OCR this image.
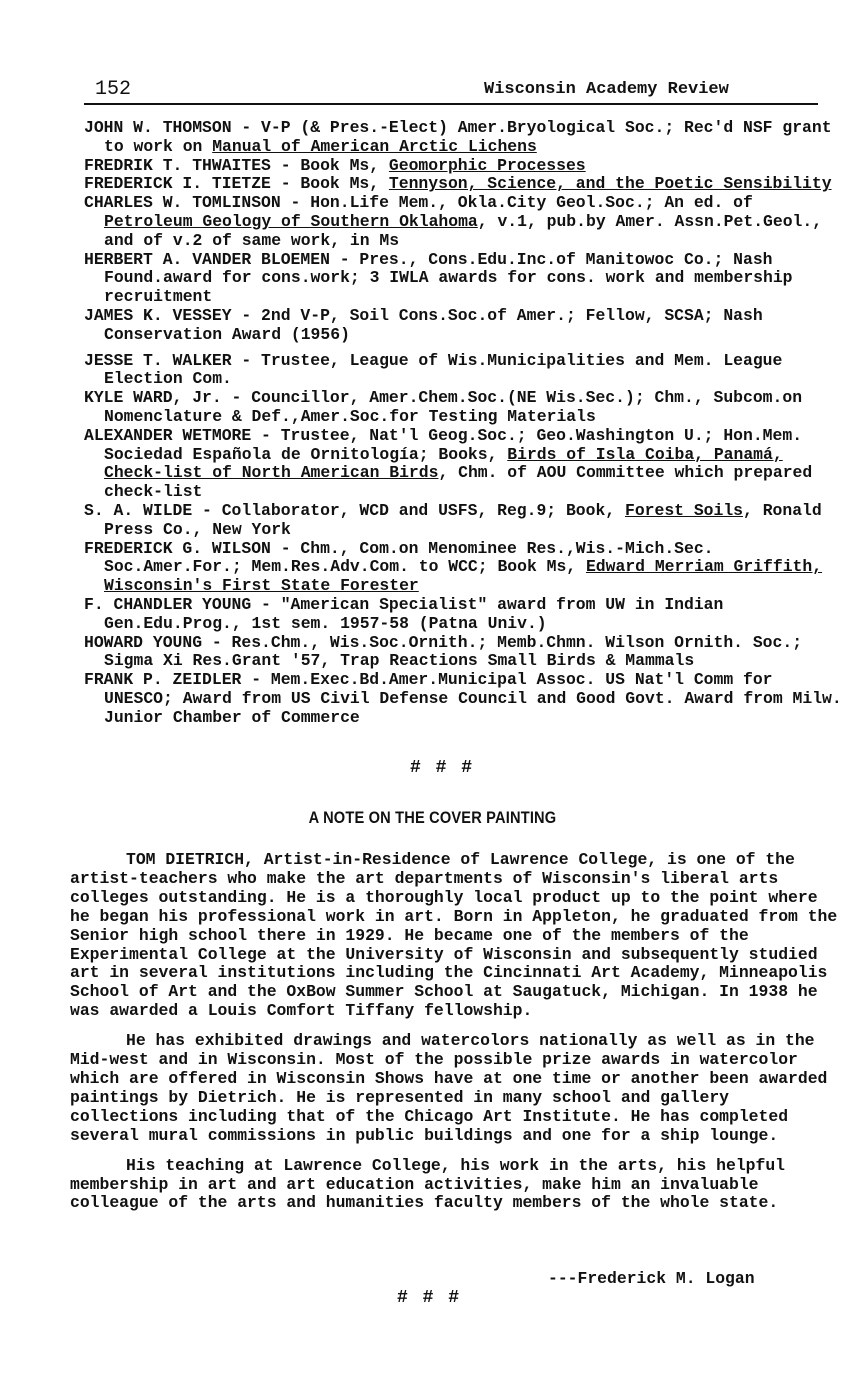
152	Wisconsin Academy Review

JOHN W. THOMSON - V-P (& Pres.-Elect) Amer.Bryological Soc.; Rec'd NSF grant to work on Manual of American Arctic Lichens

FREDRIK T. THWAITES - Book Ms, Geomorphic Processes

FREDERICK I. TIETZE - Book Ms, Tennyson, Science, and the Poetic Sensibility

CHARLES W. TOMLINSON - Hon.Life Mem., Okla.City Geol.Soc.; An ed. of Petroleum Geology of Southern Oklahoma, v.1, pub.by Amer. Assn.Pet.Geol., and of v.2 of same work, in Ms

HERBERT A. VANDER BLOEMEN - Pres., Cons.Edu.Inc.of Manitowoc Co.; Nash Found.award for cons.work; 3 IWLA awards for cons. work and membership recruitment

JAMES K. VESSEY - 2nd V-P, Soil Cons.Soc.of Amer.; Fellow, SCSA; Nash Conservation Award (1956)

JESSE T. WALKER - Trustee, League of Wis.Municipalities and Mem. League Election Com.

KYLE WARD, Jr. - Councillor, Amer.Chem.Soc.(NE Wis.Sec.); Chm., Subcom.on Nomenclature & Def.,Amer.Soc.for Testing Materials

ALEXANDER WETMORE - Trustee, Nat'l Geog.Soc.; Geo.Washington U.; Hon.Mem. Sociedad Española de Ornitología; Books, Birds of Isla Coiba, Panamá, Check-list of North American Birds, Chm. of AOU Committee which prepared check-list

S. A. WILDE - Collaborator, WCD and USFS, Reg.9; Book, Forest Soils, Ronald Press Co., New York

FREDERICK G. WILSON - Chm., Com.on Menominee Res.,Wis.-Mich.Sec. Soc.Amer.For.; Mem.Res.Adv.Com. to WCC; Book Ms, Edward Merriam Griffith, Wisconsin's First State Forester

F. CHANDLER YOUNG - "American Specialist" award from UW in Indian Gen.Edu.Prog., 1st sem. 1957-58 (Patna Univ.)

HOWARD YOUNG - Res.Chm., Wis.Soc.Ornith.; Memb.Chmn. Wilson Ornith. Soc.; Sigma Xi Res.Grant '57, Trap Reactions Small Birds & Mammals

FRANK P. ZEIDLER - Mem.Exec.Bd.Amer.Municipal Assoc. US Nat'l Comm for UNESCO; Award from US Civil Defense Council and Good Govt. Award from Milw. Junior Chamber of Commerce

# # #
A NOTE ON THE COVER PAINTING

TOM DIETRICH, Artist-in-Residence of Lawrence College, is one of the artist-teachers who make the art departments of Wisconsin's liberal arts colleges outstanding. He is a thoroughly local product up to the point where he began his professional work in art. Born in Appleton, he graduated from the Senior high school there in 1929. He became one of the members of the Experimental College at the University of Wisconsin and subsequently studied art in several institutions including the Cincinnati Art Academy, Minneapolis School of Art and the OxBow Summer School at Saugatuck, Michigan. In 1938 he was awarded a Louis Comfort Tiffany fellowship.

He has exhibited drawings and watercolors nationally as well as in the Mid-west and in Wisconsin. Most of the possible prize awards in watercolor which are offered in Wisconsin Shows have at one time or another been awarded paintings by Dietrich. He is represented in many school and gallery collections including that of the Chicago Art Institute. He has completed several mural commissions in public buildings and one for a ship lounge.

His teaching at Lawrence College, his work in the arts, his helpful membership in art and art education activities, make him an invaluable colleague of the arts and humanities faculty members of the whole state.

---Frederick M. Logan
# # #
